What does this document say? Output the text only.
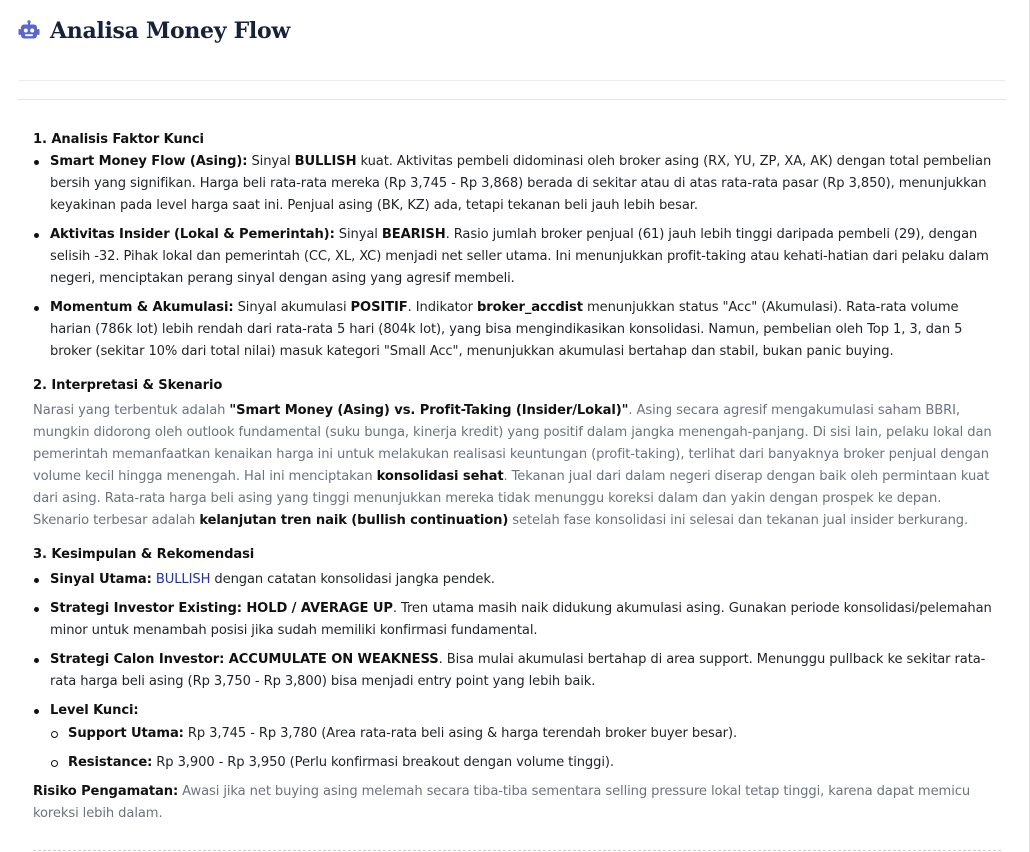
Analisa Money Flow
1. Analisis Faktor Kunci
Smart Money Flow (Asing): Sinyal BULLISH kuat. Aktivitas pembeli didominasi oleh broker asing (RX, YU, ZP, XA, AK) dengan total pembelian bersih yang signifikan. Harga beli rata-rata mereka (Rp 3,745 - Rp 3,868) berada di sekitar atau di atas rata-rata pasar (Rp 3,850), menunjukkan keyakinan pada level harga saat ini. Penjual asing (BK, KZ) ada, tetapi tekanan beli jauh lebih besar.
Aktivitas Insider (Lokal & Pemerintah): Sinyal BEARISH. Rasio jumlah broker penjual (61) jauh lebih tinggi daripada pembeli (29), dengan selisih -32. Pihak lokal dan pemerintah (CC, XL, XC) menjadi net seller utama. Ini menunjukkan profit-taking atau kehati-hatian dari pelaku dalam negeri, menciptakan perang sinyal dengan asing yang agresif membeli.
Momentum & Akumulasi: Sinyal akumulasi POSITIF. Indikator broker_accdist menunjukkan status "Acc" (Akumulasi). Rata-rata volume harian (786k lot) lebih rendah dari rata-rata 5 hari (804k lot), yang bisa mengindikasikan konsolidasi. Namun, pembelian oleh Top 1, 3, dan 5 broker (sekitar 10% dari total nilai) masuk kategori "Small Acc", menunjukkan akumulasi bertahap dan stabil, bukan panic buying.
2. Interpretasi & Skenario

Narasi yang terbentuk adalah "Smart Money (Asing) vs. Profit-Taking (Insider/Lokal)". Asing secara agresif mengakumulasi saham BBRI, mungkin didorong oleh outlook fundamental (suku bunga, kinerja kredit) yang positif dalam jangka menengah-panjang. Di sisi lain, pelaku lokal dan pemerintah memanfaatkan kenaikan harga ini untuk melakukan realisasi keuntungan (profit-taking), terlihat dari banyaknya broker penjual dengan volume kecil hingga menengah. Hal ini menciptakan konsolidasi sehat. Tekanan jual dari dalam negeri diserap dengan baik oleh permintaan kuat dari asing. Rata-rata harga beli asing yang tinggi menunjukkan mereka tidak menunggu koreksi dalam dan yakin dengan prospek ke depan. Skenario terbesar adalah kelanjutan tren naik (bullish continuation) setelah fase konsolidasi ini selesai dan tekanan jual insider berkurang.

3. Kesimpulan & Rekomendasi
Sinyal Utama: BULLISH dengan catatan konsolidasi jangka pendek.
Strategi Investor Existing: HOLD / AVERAGE UP. Tren utama masih naik didukung akumulasi asing. Gunakan periode konsolidasi/pelemahan minor untuk menambah posisi jika sudah memiliki konfirmasi fundamental.
Strategi Calon Investor: ACCUMULATE ON WEAKNESS. Bisa mulai akumulasi bertahap di area support. Menunggu pullback ke sekitar rata-rata harga beli asing (Rp 3,750 - Rp 3,800) bisa menjadi entry point yang lebih baik.
Level Kunci:
Support Utama: Rp 3,745 - Rp 3,780 (Area rata-rata beli asing & harga terendah broker buyer besar).
Resistance: Rp 3,900 - Rp 3,950 (Perlu konfirmasi breakout dengan volume tinggi).

Risiko Pengamatan: Awasi jika net buying asing melemah secara tiba-tiba sementara selling pressure lokal tetap tinggi, karena dapat memicu koreksi lebih dalam.
